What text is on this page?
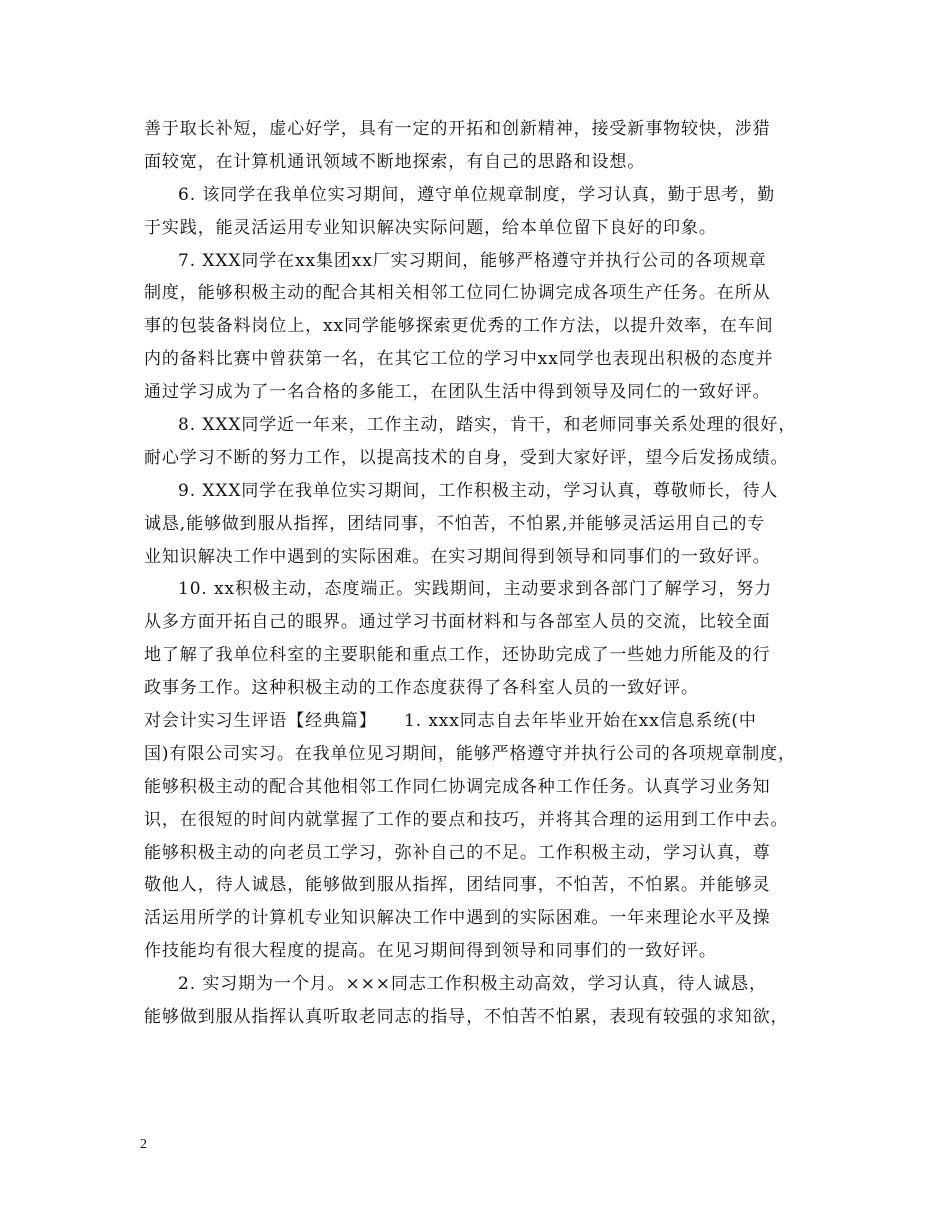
善于取长补短，虚心好学，具有一定的开拓和创新精神，接受新事物较快，涉猎
面较宽，在计算机通讯领域不断地探索，有自己的思路和设想。
6. 该同学在我单位实习期间，遵守单位规章制度，学习认真，勤于思考，勤
于实践，能灵活运用专业知识解决实际问题，给本单位留下良好的印象。
7. XXX同学在xx集团xx厂实习期间，能够严格遵守并执行公司的各项规章
制度，能够积极主动的配合其相关相邻工位同仁协调完成各项生产任务。在所从
事的包装备料岗位上，xx同学能够探索更优秀的工作方法，以提升效率，在车间
内的备料比赛中曾获第一名，在其它工位的学习中xx同学也表现出积极的态度并
通过学习成为了一名合格的多能工，在团队生活中得到领导及同仁的一致好评。
8. XXX同学近一年来，工作主动，踏实，肯干，和老师同事关系处理的很好，
耐心学习不断的努力工作，以提高技术的自身，受到大家好评，望今后发扬成绩。
9. XXX同学在我单位实习期间，工作积极主动，学习认真，尊敬师长，待人
诚恳,能够做到服从指挥，团结同事，不怕苦，不怕累,并能够灵活运用自己的专
业知识解决工作中遇到的实际困难。在实习期间得到领导和同事们的一致好评。
10. xx积极主动，态度端正。实践期间，主动要求到各部门了解学习，努力
从多方面开拓自己的眼界。通过学习书面材料和与各部室人员的交流，比较全面
地了解了我单位科室的主要职能和重点工作，还协助完成了一些她力所能及的行
政事务工作。这种积极主动的工作态度获得了各科室人员的一致好评。
对会计实习生评语【经典篇】　　1. xxx同志自去年毕业开始在xx信息系统(中
国)有限公司实习。在我单位见习期间，能够严格遵守并执行公司的各项规章制度，
能够积极主动的配合其他相邻工作同仁协调完成各种工作任务。认真学习业务知
识，在很短的时间内就掌握了工作的要点和技巧，并将其合理的运用到工作中去。
能够积极主动的向老员工学习，弥补自己的不足。工作积极主动，学习认真，尊
敬他人，待人诚恳，能够做到服从指挥，团结同事，不怕苦，不怕累。并能够灵
活运用所学的计算机专业知识解决工作中遇到的实际困难。一年来理论水平及操
作技能均有很大程度的提高。在见习期间得到领导和同事们的一致好评。
2. 实习期为一个月。×××同志工作积极主动高效，学习认真，待人诚恳，
能够做到服从指挥认真听取老同志的指导，不怕苦不怕累，表现有较强的求知欲，
2
